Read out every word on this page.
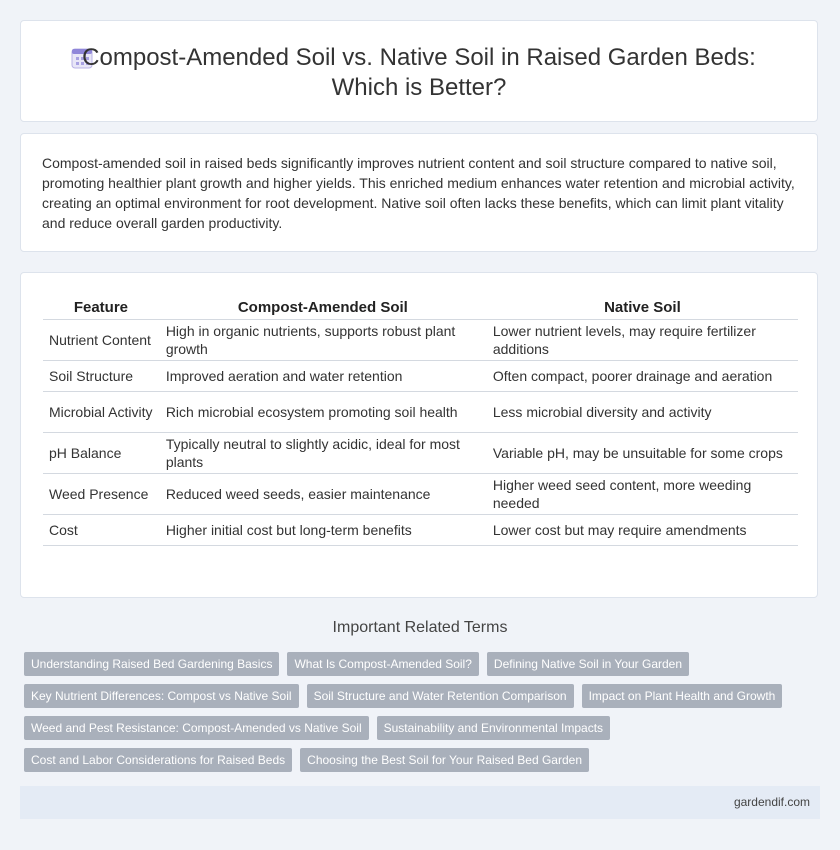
Compost-Amended Soil vs. Native Soil in Raised Garden Beds: Which is Better?

Compost-amended soil in raised beds significantly improves nutrient content and soil structure compared to native soil, promoting healthier plant growth and higher yields. This enriched medium enhances water retention and microbial activity, creating an optimal environment for root development. Native soil often lacks these benefits, which can limit plant vitality and reduce overall garden productivity.

Feature	Compost-Amended Soil	Native Soil
Nutrient Content	High in organic nutrients, supports robust plant growth	Lower nutrient levels, may require fertilizer additions
Soil Structure	Improved aeration and water retention	Often compact, poorer drainage and aeration
Microbial Activity	Rich microbial ecosystem promoting soil health	Less microbial diversity and activity
pH Balance	Typically neutral to slightly acidic, ideal for most plants	Variable pH, may be unsuitable for some crops
Weed Presence	Reduced weed seeds, easier maintenance	Higher weed seed content, more weeding needed
Cost	Higher initial cost but long-term benefits	Lower cost but may require amendments
Important Related Terms
Understanding Raised Bed Gardening Basics	What Is Compost-Amended Soil?	Defining Native Soil in Your Garden
Key Nutrient Differences: Compost vs Native Soil	Soil Structure and Water Retention Comparison	Impact on Plant Health and Growth
Weed and Pest Resistance: Compost-Amended vs Native Soil	Sustainability and Environmental Impacts
Cost and Labor Considerations for Raised Beds	Choosing the Best Soil for Your Raised Bed Garden
gardendif.com
